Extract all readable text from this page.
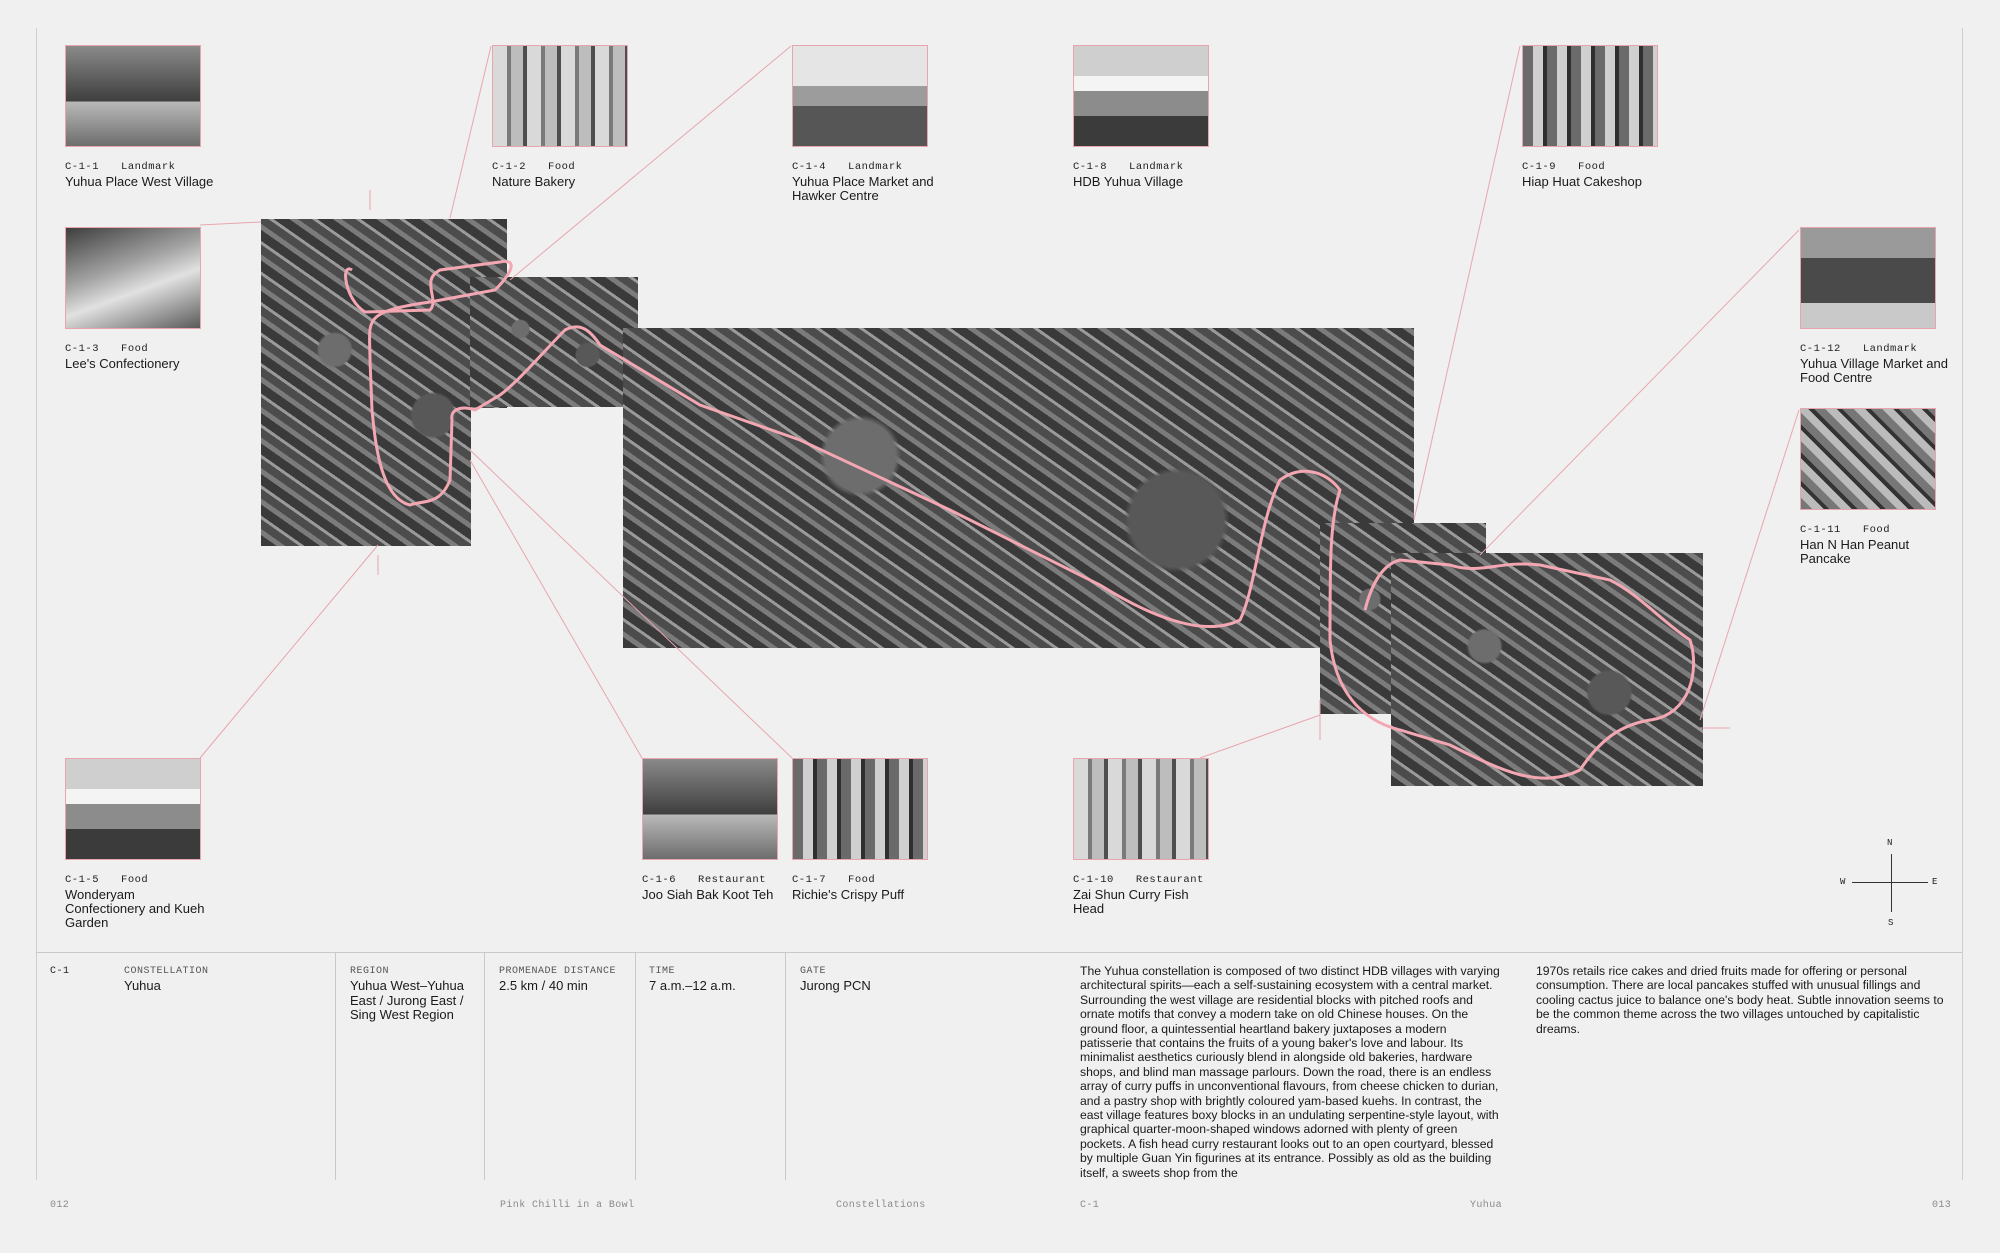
C-1-1 Landmark
Yuhua Place West Village
C-1-2 Food
Nature Bakery
C-1-4 Landmark
Yuhua Place Market and Hawker Centre
C-1-8 Landmark
HDB Yuhua Village
C-1-9 Food
Hiap Huat Cakeshop
C-1-3 Food
Lee's Confectionery
C-1-12 Landmark
Yuhua Village Market and Food Centre
C-1-11 Food
Han N Han Peanut Pancake
C-1-5 Food
Wonderyam Confectionery and Kueh Garden
C-1-6 Restaurant
Joo Siah Bak Koot Teh
C-1-7 Food
Richie's Crispy Puff
C-1-10 Restaurant
Zai Shun Curry Fish Head
N
S
W	E
C-1	CONSTELLATION
Yuhua
REGION
Yuhua West–Yuhua East / Jurong East / Sing West Region
PROMENADE DISTANCE
2.5 km / 40 min
TIME
7 a.m.–12 a.m.
GATE
Jurong PCN
The Yuhua constellation is composed of two distinct HDB villages with varying architectural spirits—each a self-sustaining ecosystem with a central market. Surrounding the west village are residential blocks with pitched roofs and ornate motifs that convey a modern take on old Chinese houses. On the ground floor, a quintessential heartland bakery juxtaposes a modern patisserie that contains the fruits of a young baker's love and labour. Its minimalist aesthetics curiously blend in alongside old bakeries, hardware shops, and blind man massage parlours. Down the road, there is an endless array of curry puffs in unconventional flavours, from cheese chicken to durian, and a pastry shop with brightly coloured yam-based kuehs. In contrast, the east village features boxy blocks in an undulating serpentine-style layout, with graphical quarter-moon-shaped windows adorned with plenty of green pockets. A fish head curry restaurant looks out to an open courtyard, blessed by multiple Guan Yin figurines at its entrance. Possibly as old as the building itself, a sweets shop from the
1970s retails rice cakes and dried fruits made for offering or personal consumption. There are local pancakes stuffed with unusual fillings and cooling cactus juice to balance one's body heat. Subtle innovation seems to be the common theme across the two villages untouched by capitalistic dreams.
012	Pink Chilli in a Bowl	Constellations	C-1	Yuhua	013
